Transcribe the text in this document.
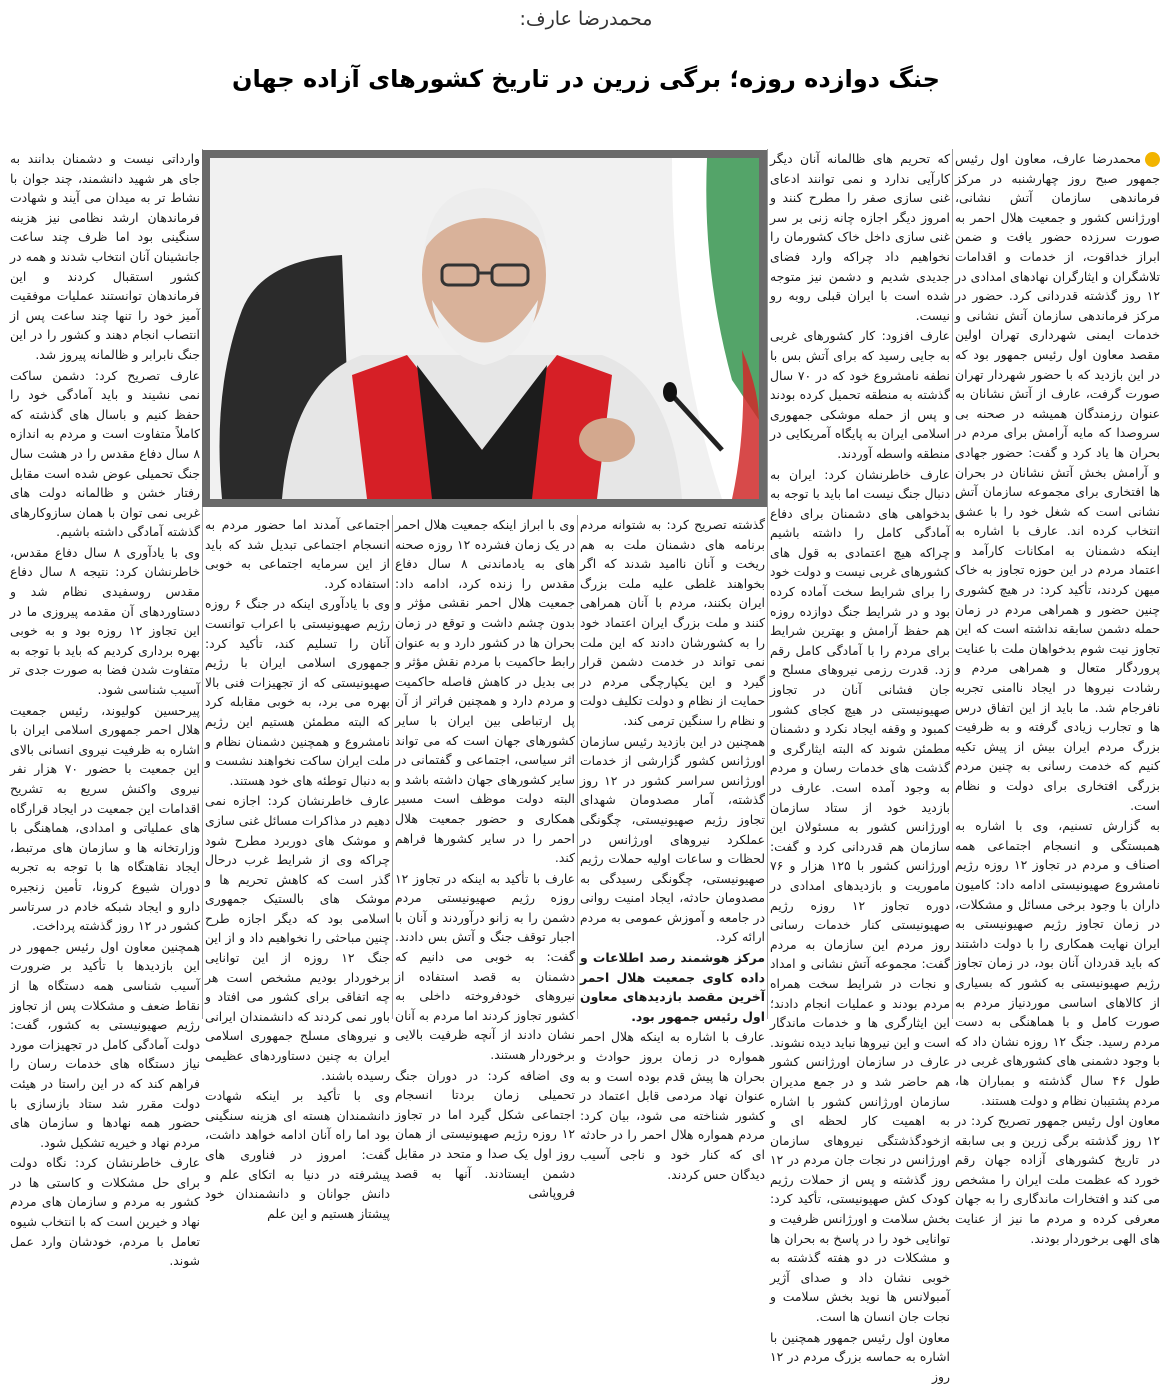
محمدرضا عارف:
جنگ دوازده روزه؛ برگی زرین در تاریخ کشورهای آزاده جهان

محمدرضا عارف، معاون اول رئیس جمهور صبح روز چهارشنبه در مرکز فرماندهی سازمان آتش نشانی، اورژانس کشور و جمعیت هلال احمر به صورت سرزده حضور یافت و ضمن ابراز خداقوت، از خدمات و اقدامات تلاشگران و ایثارگران نهادهای امدادی در ۱۲ روز گذشته قدردانی کرد. حضور در مرکز فرماندهی سازمان آتش نشانی و خدمات ایمنی شهرداری تهران اولین مقصد معاون اول رئیس جمهور بود که در این بازدید که با حضور شهردار تهران صورت گرفت، عارف از آتش نشانان به عنوان رزمندگان همیشه در صحنه بی سروصدا که مایه آرامش برای مردم در بحران ها یاد کرد و گفت: حضور جهادی و آرامش بخش آتش نشانان در بحران ها افتخاری برای مجموعه سازمان آتش نشانی است که شغل خود را با عشق انتخاب کرده اند. عارف با اشاره به اینکه دشمنان به امکانات کارآمد و اعتماد مردم در این حوزه تجاوز به خاک میهن کردند، تأکید کرد: در هیچ کشوری چنین حضور و همراهی مردم در زمان حمله دشمن سابقه نداشته است که این تجاوز نیت شوم بدخواهان ملت با عنایت پروردگار متعال و همراهی مردم و رشادت نیروها در ایجاد ناامنی تجربه نافرجام شد. ما باید از این اتفاق درس ها و تجارب زیادی گرفته و به ظرفیت بزرگ مردم ایران بیش از پیش تکیه کنیم که خدمت رسانی به چنین مردم بزرگی افتخاری برای دولت و نظام است.

به گزارش تسنیم، وی با اشاره به همبستگی و انسجام اجتماعی همه اصناف و مردم در تجاوز ۱۲ روزه رژیم نامشروع صهیونیستی ادامه داد: کامیون داران با وجود برخی مسائل و مشکلات، در زمان تجاوز رژیم صهیونیستی به ایران نهایت همکاری را با دولت داشتند که باید قدردان آنان بود، در زمان تجاوز رژیم صهیونیستی به کشور که بسیاری از کالاهای اساسی موردنیاز مردم به صورت کامل و با هماهنگی به دست مردم رسید. جنگ ۱۲ روزه نشان داد که با وجود دشمنی های کشورهای غربی در طول ۴۶ سال گذشته و بمباران ها، مردم پشتیبان نظام و دولت هستند.

معاون اول رئیس جمهور تصریح کرد: در ۱۲ روز گذشته برگی زرین و بی سابقه در تاریخ کشورهای آزاده جهان رقم خورد که عظمت ملت ایران را مشخص می کند و افتخارات ماندگاری را به جهان معرفی کرده و مردم ما نیز از عنایت های الهی برخوردار بودند.

که تحریم های ظالمانه آنان دیگر کارآیی ندارد و نمی توانند ادعای غنی سازی صفر را مطرح کنند و امروز دیگر اجازه چانه زنی بر سر غنی سازی داخل خاک کشورمان را نخواهیم داد چراکه وارد فضای جدیدی شدیم و دشمن نیز متوجه شده است با ایران قبلی روبه رو نیست.

عارف افزود: کار کشورهای غربی به جایی رسید که برای آتش بس با نطفه نامشروع خود که در ۷۰ سال گذشته به منطقه تحمیل کرده بودند و پس از حمله موشکی جمهوری اسلامی ایران به پایگاه آمریکایی در منطقه واسطه آوردند.

عارف خاطرنشان کرد: ایران به دنبال جنگ نیست اما باید با توجه به بدخواهی های دشمنان برای دفاع آمادگی کامل را داشته باشیم چراکه هیچ اعتمادی به قول های کشورهای غربی نیست و دولت خود را برای شرایط سخت آماده کرده بود و در شرایط جنگ دوازده روزه هم حفظ آرامش و بهترین شرایط برای مردم را با آمادگی کامل رقم زد. قدرت رزمی نیروهای مسلح و جان فشانی آنان در تجاوز صهیونیستی در هیچ کجای کشور کمبود و وقفه ایجاد نکرد و دشمنان مطمئن شوند که البته ایثارگری و گذشت های خدمات رسان و مردم به وجود آمده است. عارف در بازدید خود از ستاد سازمان اورژانس کشور به مسئولان این سازمان هم قدردانی کرد و گفت: اورژانس کشور با ۱۲۵ هزار و ۷۶ ماموریت و بازدیدهای امدادی در دوره تجاوز ۱۲ روزه رژیم صهیونیستی کنار خدمات رسانی روز مردم این سازمان به مردم گفت: مجموعه آتش نشانی و امداد و نجات در شرایط سخت همراه مردم بودند و عملیات انجام دادند؛ این ایثارگری ها و خدمات ماندگار است و این نیروها نباید دیده نشوند. عارف در سازمان اورژانس کشور هم حاضر شد و در جمع مدیران سازمان اورژانس کشور با اشاره به اهمیت کار لحظه ای و ازخودگذشتگی نیروهای سازمان اورژانس در نجات جان مردم در ۱۲ روز گذشته و پس از حملات رژیم کودک کش صهیونیستی، تأکید کرد: بخش سلامت و اورژانس ظرفیت و توانایی خود را در پاسخ به بحران ها و مشکلات در دو هفته گذشته به خوبی نشان داد و صدای آژیر آمبولانس ها نوید بخش سلامت و نجات جان انسان ها است.

معاون اول رئیس جمهور همچنین با اشاره به حماسه بزرگ مردم در ۱۲ روز

گذشته تصریح کرد: به شتوانه مردم برنامه های دشمنان ملت به هم ریخت و آنان ناامید شدند که اگر بخواهند غلطی علیه ملت بزرگ ایران بکنند، مردم با آنان همراهی کنند و ملت بزرگ ایران اعتماد خود را به کشورشان دادند که این ملت نمی تواند در خدمت دشمن قرار گیرد و این یکپارچگی مردم در حمایت از نظام و دولت تکلیف دولت و نظام را سنگین ترمی کند.

همچنین در این بازدید رئیس سازمان اورژانس کشور گزارشی از خدمات اورژانس سراسر کشور در ۱۲ روز گذشته، آمار مصدومان شهدای تجاوز رژیم صهیونیستی، چگونگی عملکرد نیروهای اورژانس در لحظات و ساعات اولیه حملات رژیم صهیونیستی، چگونگی رسیدگی به مصدومان حادثه، ایجاد امنیت روانی در جامعه و آموزش عمومی به مردم ارائه کرد.

مرکز هوشمند رصد اطلاعات و داده کاوی جمعیت هلال احمر آخرین مقصد بازدیدهای معاون اول رئیس جمهور بود.

عارف با اشاره به اینکه هلال احمر همواره در زمان بروز حوادث و بحران ها پیش قدم بوده است و به عنوان نهاد مردمی قابل اعتماد در کشور شناخته می شود، بیان کرد: مردم همواره هلال احمر را در حادثه ای که کنار خود و ناجی آسیب دیدگان حس کردند.

وی با ابراز اینکه جمعیت هلال احمر در یک زمان فشرده ۱۲ روزه صحنه های به یادماندنی ۸ سال دفاع مقدس را زنده کرد، ادامه داد: جمعیت هلال احمر نقشی مؤثر و بدون چشم داشت و توقع در زمان بحران ها در کشور دارد و به عنوان رابط حاکمیت با مردم نقش مؤثر و بی بدیل در کاهش فاصله حاکمیت و مردم دارد و همچنین فراتر از آن پل ارتباطی بین ایران با سایر کشورهای جهان است که می تواند اثر سیاسی، اجتماعی و گفتمانی در سایر کشورهای جهان داشته باشد و البته دولت موظف است مسیر همکاری و حضور جمعیت هلال احمر را در سایر کشورها فراهم کند.

عارف با تأکید به اینکه در تجاوز ۱۲ روزه رژیم صهیونیستی مردم دشمن را به زانو درآوردند و آنان با اجبار توقف جنگ و آتش بس دادند. گفت: به خوبی می دانیم که دشمنان به قصد استفاده از نیروهای خودفروخته داخلی به کشور تجاوز کردند اما مردم به آنان نشان دادند از آنچه ظرفیت بالایی برخوردار هستند.

وی اضافه کرد: در دوران جنگ تحمیلی زمان بردتا انسجام اجتماعی شکل گیرد اما در تجاوز ۱۲ روزه رژیم صهیونیستی از همان روز اول یک صدا و متحد در مقابل دشمن ایستادند. آنها به قصد فروپاشی

اجتماعی آمدند اما حضور مردم به انسجام اجتماعی تبدیل شد که باید از این سرمایه اجتماعی به خوبی استفاده کرد.

وی با یادآوری اینکه در جنگ ۶ روزه رژیم صهیونیستی با اعراب توانست آنان را تسلیم کند، تأکید کرد: جمهوری اسلامی ایران با رژیم صهیونیستی که از تجهیزات فنی بالا بهره می برد، به خوبی مقابله کرد که البته مطمئن هستیم این رژیم نامشروع و همچنین دشمنان نظام و ملت ایران ساکت نخواهند نشست و به دنبال توطئه های خود هستند.

عارف خاطرنشان کرد: اجازه نمی دهیم در مذاکرات مسائل غنی سازی و موشک های دوربرد مطرح شود چراکه وی از شرایط غرب درحال گذر است که کاهش تحریم ها و موشک های بالستیک جمهوری اسلامی بود که دیگر اجازه طرح چنین مباحثی را نخواهیم داد و از این جنگ ۱۲ روزه از این توانایی برخوردار بودیم مشخص است هر چه اتفاقی برای کشور می افتاد و باور نمی کردند که دانشمندان ایرانی و نیروهای مسلح جمهوری اسلامی ایران به چنین دستاوردهای عظیمی رسیده باشند.

وی با تأکید بر اینکه شهادت دانشمندان هسته ای هزینه سنگینی بود اما راه آنان ادامه خواهد داشت، گفت: امروز در فناوری های پیشرفته در دنیا به اتکای علم و دانش جوانان و دانشمندان خود پیشتاز هستیم و این علم

وارداتی نیست و دشمنان بدانند به جای هر شهید دانشمند، چند جوان با نشاط تر به میدان می آیند و شهادت فرماندهان ارشد نظامی نیز هزینه سنگینی بود اما ظرف چند ساعت جانشینان آنان انتخاب شدند و همه در کشور استقبال کردند و این فرماندهان توانستند عملیات موفقیت آمیز خود را تنها چند ساعت پس از انتصاب انجام دهند و کشور را در این جنگ نابرابر و ظالمانه پیروز شد.

عارف تصریح کرد: دشمن ساکت نمی نشیند و باید آمادگی خود را حفظ کنیم و باسال های گذشته که کاملاً متفاوت است و مردم به اندازه ۸ سال دفاع مقدس را در هشت سال جنگ تحمیلی عوض شده است مقابل رفتار خشن و ظالمانه دولت های غربی نمی توان با همان سازوکارهای گذشته آمادگی داشته باشیم.

وی با یادآوری ۸ سال دفاع مقدس، خاطرنشان کرد: نتیجه ۸ سال دفاع مقدس روسفیدی نظام شد و دستاوردهای آن مقدمه پیروزی ما در این تجاوز ۱۲ روزه بود و به خوبی بهره برداری کردیم که باید با توجه به متفاوت شدن فضا به صورت جدی تر آسیب شناسی شود.

پیرحسین کولیوند، رئیس جمعیت هلال احمر جمهوری اسلامی ایران با اشاره به ظرفیت نیروی انسانی بالای این جمعیت با حضور ۷۰ هزار نفر نیروی واکنش سریع به تشریح اقدامات این جمعیت در ایجاد قرارگاه های عملیاتی و امدادی، هماهنگی با وزارتخانه ها و سازمان های مرتبط، ایجاد نقاهتگاه ها با توجه به تجربه دوران شیوع کرونا، تأمین زنجیره دارو و ایجاد شبکه خادم در سرتاسر کشور در ۱۲ روز گذشته پرداخت.

همچنین معاون اول رئیس جمهور در این بازدیدها با تأکید بر ضرورت آسیب شناسی همه دستگاه ها از نقاط ضعف و مشکلات پس از تجاوز رژیم صهیونیستی به کشور، گفت: دولت آمادگی کامل در تجهیزات مورد نیاز دستگاه های خدمات رسان را فراهم کند که در این راستا در هیئت دولت مقرر شد ستاد بازسازی با حضور همه نهادها و سازمان های مردم نهاد و خیریه تشکیل شود.

عارف خاطرنشان کرد: نگاه دولت برای حل مشکلات و کاستی ها در کشور به مردم و سازمان های مردم نهاد و خیرین است که با انتخاب شیوه تعامل با مردم، خودشان وارد عمل شوند.
